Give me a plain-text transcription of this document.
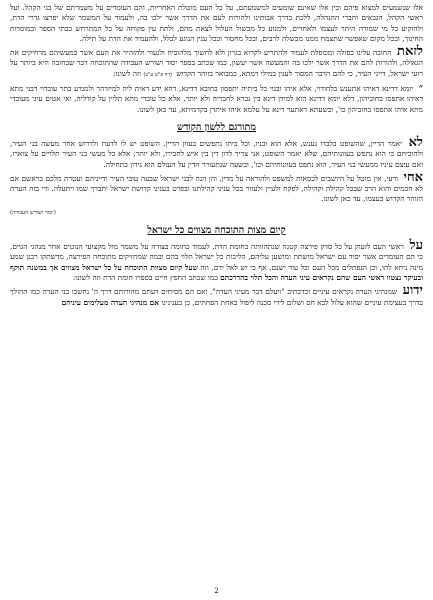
אלו שנשמעים למצוא פיהם ובין אלו שאינם שומעים למשמעתם, על כל העם מוטלת האחריות, והם העומדים על משמרתם של בני הקהל. ועל ראשי הקהל, הגבאים וחברי ההנהלה, ללכת בדרך אבותינו ולהורות לעם את הדרך אשר ילכו בה, ולעמוד על המשמר שלא יפרצו גדרי הדת, ולהוקיע כל מי שמורה היתר לעצמו ולאחרים, ולמנוע כל מכשול העלול לצאת מהם, ולתת עין פקוחה על כל המתרחש בבתי הספר ובמוסדות החינוך, ובכל מקום שאפשר שתצמח ממנו מכשלה לרבים, ובכל מחסור ובכל ענין הנוגע לכלל, ולהעמיד את הדת על תילה.

לזאת החובה עלינו כפולה ומכופלת לעמוד ולהתריע לקרוא בגרון ולא לחשוך מלהוכיח ולגעור ולהזהיר את העם אשר במעשיהם מרחיקים את הגאולה, ולהורות להם את הדרך אשר ילכו בה והמעשה אשר יעשון, כמו שכתב בספר יסוד ושורש העבודה שהתוכחה דבר שבחובה היא ביותר על רועי ישראל, דייני העיר, כי להם הדבר המסור לענין במילי דמתא, כמבואר בזוהר הקדוש (דף פ"ט ע"ב) וזה לשונו:

״ יומא דדינא דאיהו אתענש בלחודוי, אלא איהו ובנוי כל ביתיה יתפסון בחובא דדינא, דהא ידע דאית ליה למיזדהר ולמנדע בתר עובדוי דבני מתא דאיהו אתפסו בחוביהון, דלא יומא דדינא הוא למידן דינא בין גברא לחבריה ולא יותר, אלא כל עובדי מתא תליין על קודליה, ואי אטים עיני מעובדי מתא איהו אתפסו בחוביהון כו', ובשעתא דאתער דינא על עלמא איהו איתדן בקדמיתא, עד כאן לשונו.

מתורגם ללשון הקודש

לא יאמר הדיין, שהשופט בלבדו נענש, אלא הוא ובניו, וכל ביתו נתפשים בעוון הדיין. השופט יש לו לדעת ולדרוש אחר מעשה בני העיר, ולהוכיחם כי הוא נתפש בעוונותיהם, שלא יאמר השופט, אני צריך לדון דין בין איש לחבירו, ולא יותר, אלא כל מעשי בני העיר תלויים על צוארו, ואם עוצם עיניו ממעשי בני העיר, הוא נתפס בעוונותיהם וכו', ובשעה שנתעורר הדין על העולם הוא נידון בתחילה.

אחי ורעי, אין מוטל על היושבים לכסאות למשפט ולהוראה על מדין, והן הנה לבני ישראל שבעה טובי העיר ודייניהם ועטרת מלכם בראשם אם לא חכמים והוא הרב שבכל קהילה וקהילה, לפקח ולעיין ולעזור בכל עניני קהילתנו ובפרט בעניני קדושת ישראל יתברך שמו ויתעלה. ודי בזה הערת הזוהר הקדוש בעצמו, עד כאן לשונו.

(יסוד ושורש העבודה)
קיום מצות התוכחה מצווים כל ישראל

על ראשי העם לזעוק על כל סדק פירצה קטנה שנתהוותה בחומת הדת, לעמוד כחומה בצורה על משמר מול מקצועי הנוטים אחר מנהגי הגוים, כי הם העומדים אשר יסוד עם ישראל מושתת ומושען עליהם, הליכות כל ישראל תלוי בהם ובמה שמחזיקים מתוכחה הפירצה, מדשתקו רבנן שמע מינה ניחא להו, וכן הנפתלים מכל העם ובל עוד ישנם, אף כי יש לאל ידם, וזה שעל קיום מצוות התוכחה על כל ישראל מצווים אך במשנה תוקף ובעיקר נצטוו ראשי העם שהם נקראים עיני העדה והכל תלוי בהדרכתם כמו שכתב החפץ חיים בספרו חומת הדת וזה לשונו:

ידוע שמנהיגי העדה נקראים עיניים וכדכתיב "ויעלם דבר מעיני העדה", ואם הם מסיחים דעתם מהורותם דרך ה' נחשבו בני העדה כמו ההולך בדרך בעצימת עיניים שהוא עלול לבא חס ושלום לידי סכנה ליפול באחת הפחתים, כן בענינינו אם מנהיגי העדה מעלימים עיניהם

2
